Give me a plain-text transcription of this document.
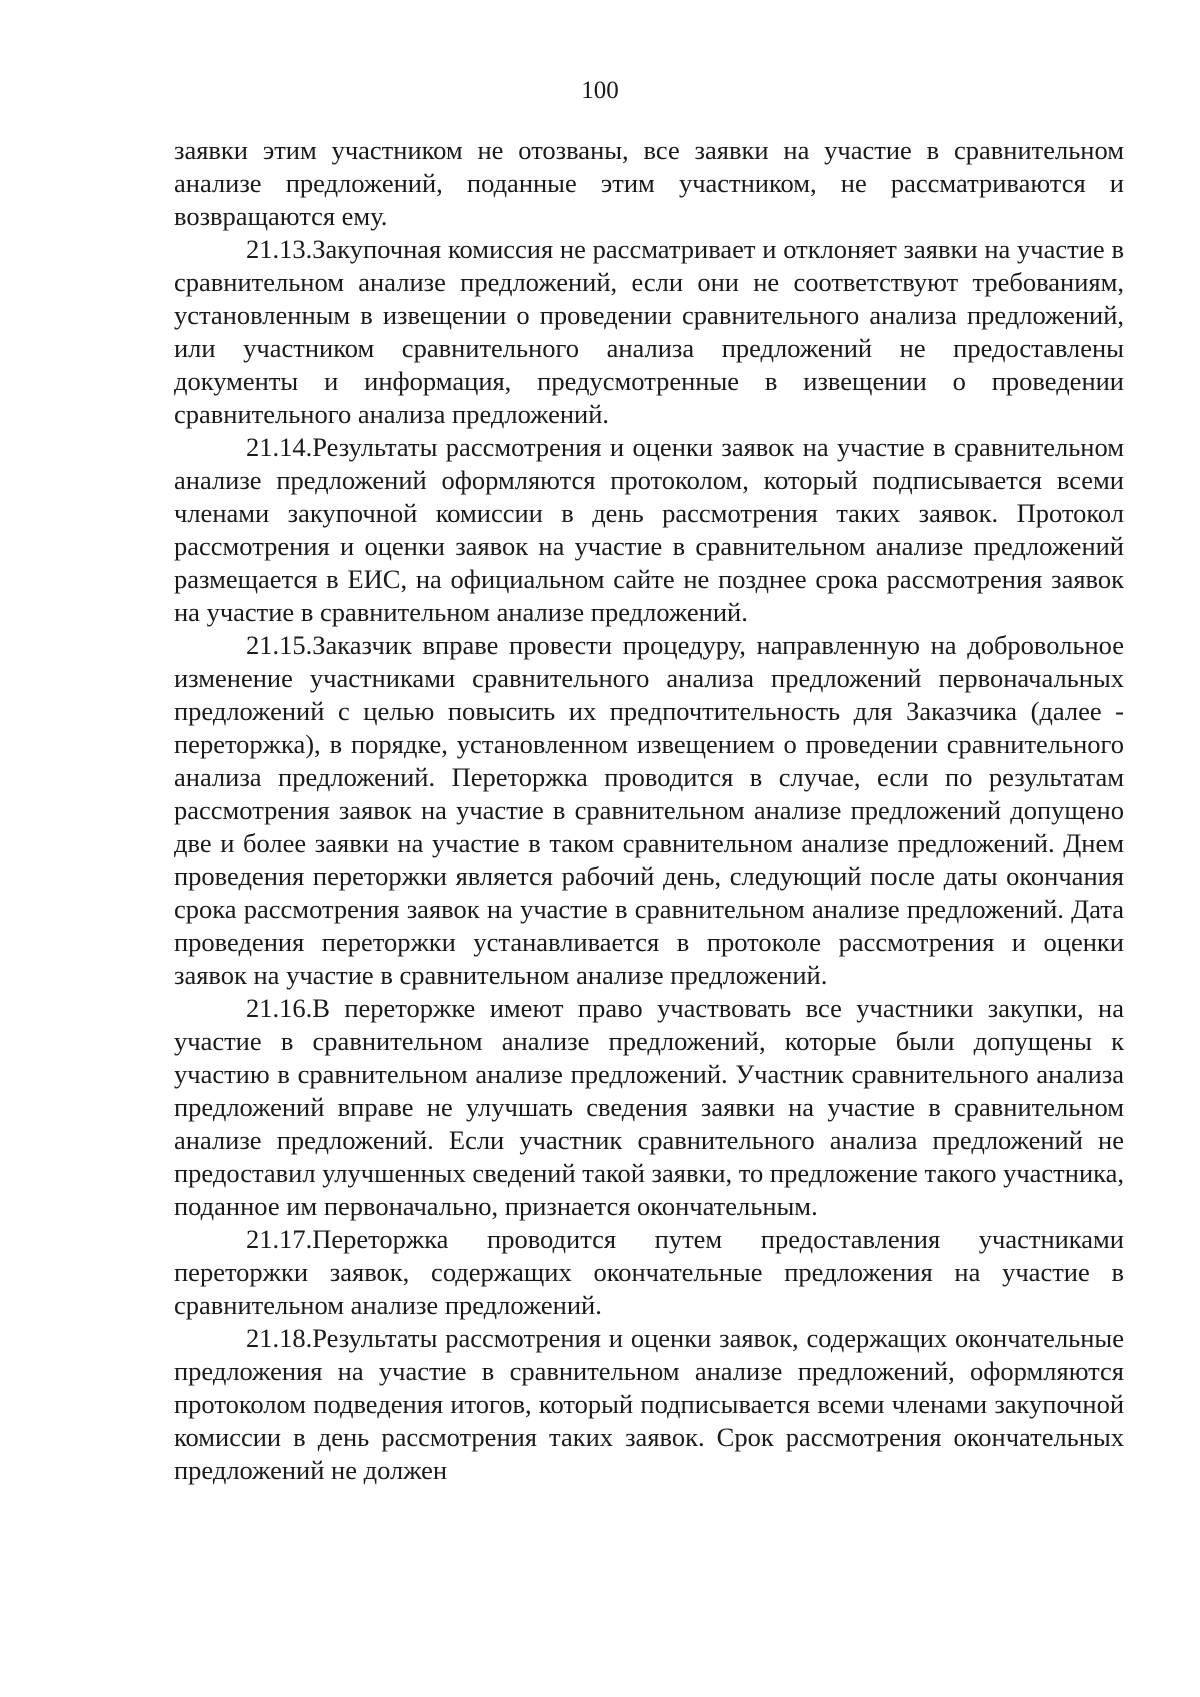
100

заявки этим участником не отозваны, все заявки на участие в сравнительном анализе предложений, поданные этим участником, не рассматриваются и возвращаются ему.

21.13.Закупочная комиссия не рассматривает и отклоняет заявки на участие в сравнительном анализе предложений, если они не соответствуют требованиям, установленным в извещении о проведении сравнительного анализа предложений, или участником сравнительного анализа предложений не предоставлены документы и информация, предусмотренные в извещении о проведении сравнительного анализа предложений.

21.14.Результаты рассмотрения и оценки заявок на участие в сравнительном анализе предложений оформляются протоколом, который подписывается всеми членами закупочной комиссии в день рассмотрения таких заявок. Протокол рассмотрения и оценки заявок на участие в сравнительном анализе предложений размещается в ЕИС, на официальном сайте не позднее срока рассмотрения заявок на участие в сравнительном анализе предложений.

21.15.Заказчик вправе провести процедуру, направленную на добровольное изменение участниками сравнительного анализа предложений первоначальных предложений с целью повысить их предпочтительность для Заказчика (далее - переторжка), в порядке, установленном извещением о проведении сравнительного анализа предложений. Переторжка проводится в случае, если по результатам рассмотрения заявок на участие в сравнительном анализе предложений допущено две и более заявки на участие в таком сравнительном анализе предложений. Днем проведения переторжки является рабочий день, следующий после даты окончания срока рассмотрения заявок на участие в сравнительном анализе предложений. Дата проведения переторжки устанавливается в протоколе рассмотрения и оценки заявок на участие в сравнительном анализе предложений.

21.16.В переторжке имеют право участвовать все участники закупки, на участие в сравнительном анализе предложений, которые были допущены к участию в сравнительном анализе предложений. Участник сравнительного анализа предложений вправе не улучшать сведения заявки на участие в сравнительном анализе предложений. Если участник сравнительного анализа предложений не предоставил улучшенных сведений такой заявки, то предложение такого участника, поданное им первоначально, признается окончательным.

21.17.Переторжка проводится путем предоставления участниками переторжки заявок, содержащих окончательные предложения на участие в сравнительном анализе предложений.

21.18.Результаты рассмотрения и оценки заявок, содержащих окончательные предложения на участие в сравнительном анализе предложений, оформляются протоколом подведения итогов, который подписывается всеми членами закупочной комиссии в день рассмотрения таких заявок. Срок рассмотрения окончательных предложений не должен
